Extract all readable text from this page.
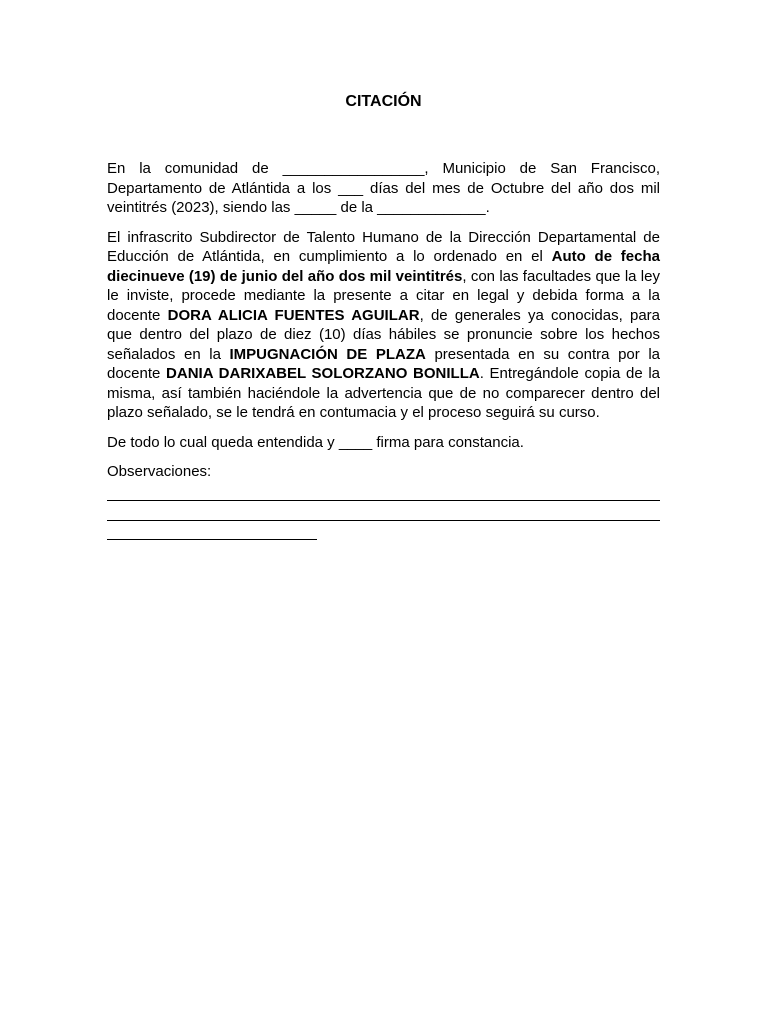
CITACIÓN

En la comunidad de _________________, Municipio de San Francisco, Departamento de Atlántida a los ___ días del mes de Octubre del año dos mil veintitrés (2023), siendo las _____ de la _____________.

El infrascrito Subdirector de Talento Humano de la Dirección Departamental de Educción de Atlántida, en cumplimiento a lo ordenado en el Auto de fecha diecinueve (19) de junio del año dos mil veintitrés, con las facultades que la ley le inviste, procede mediante la presente a citar en legal y debida forma a la docente DORA ALICIA FUENTES AGUILAR, de generales ya conocidas, para que dentro del plazo de diez (10) días hábiles se pronuncie sobre los hechos señalados en la IMPUGNACIÓN DE PLAZA presentada en su contra por la docente DANIA DARIXABEL SOLORZANO BONILLA. Entregándole copia de la misma, así también haciéndole la advertencia que de no comparecer dentro del plazo señalado, se le tendrá en contumacia y el proceso seguirá su curso.

De todo lo cual queda entendida y ____ firma para constancia.

Observaciones:
